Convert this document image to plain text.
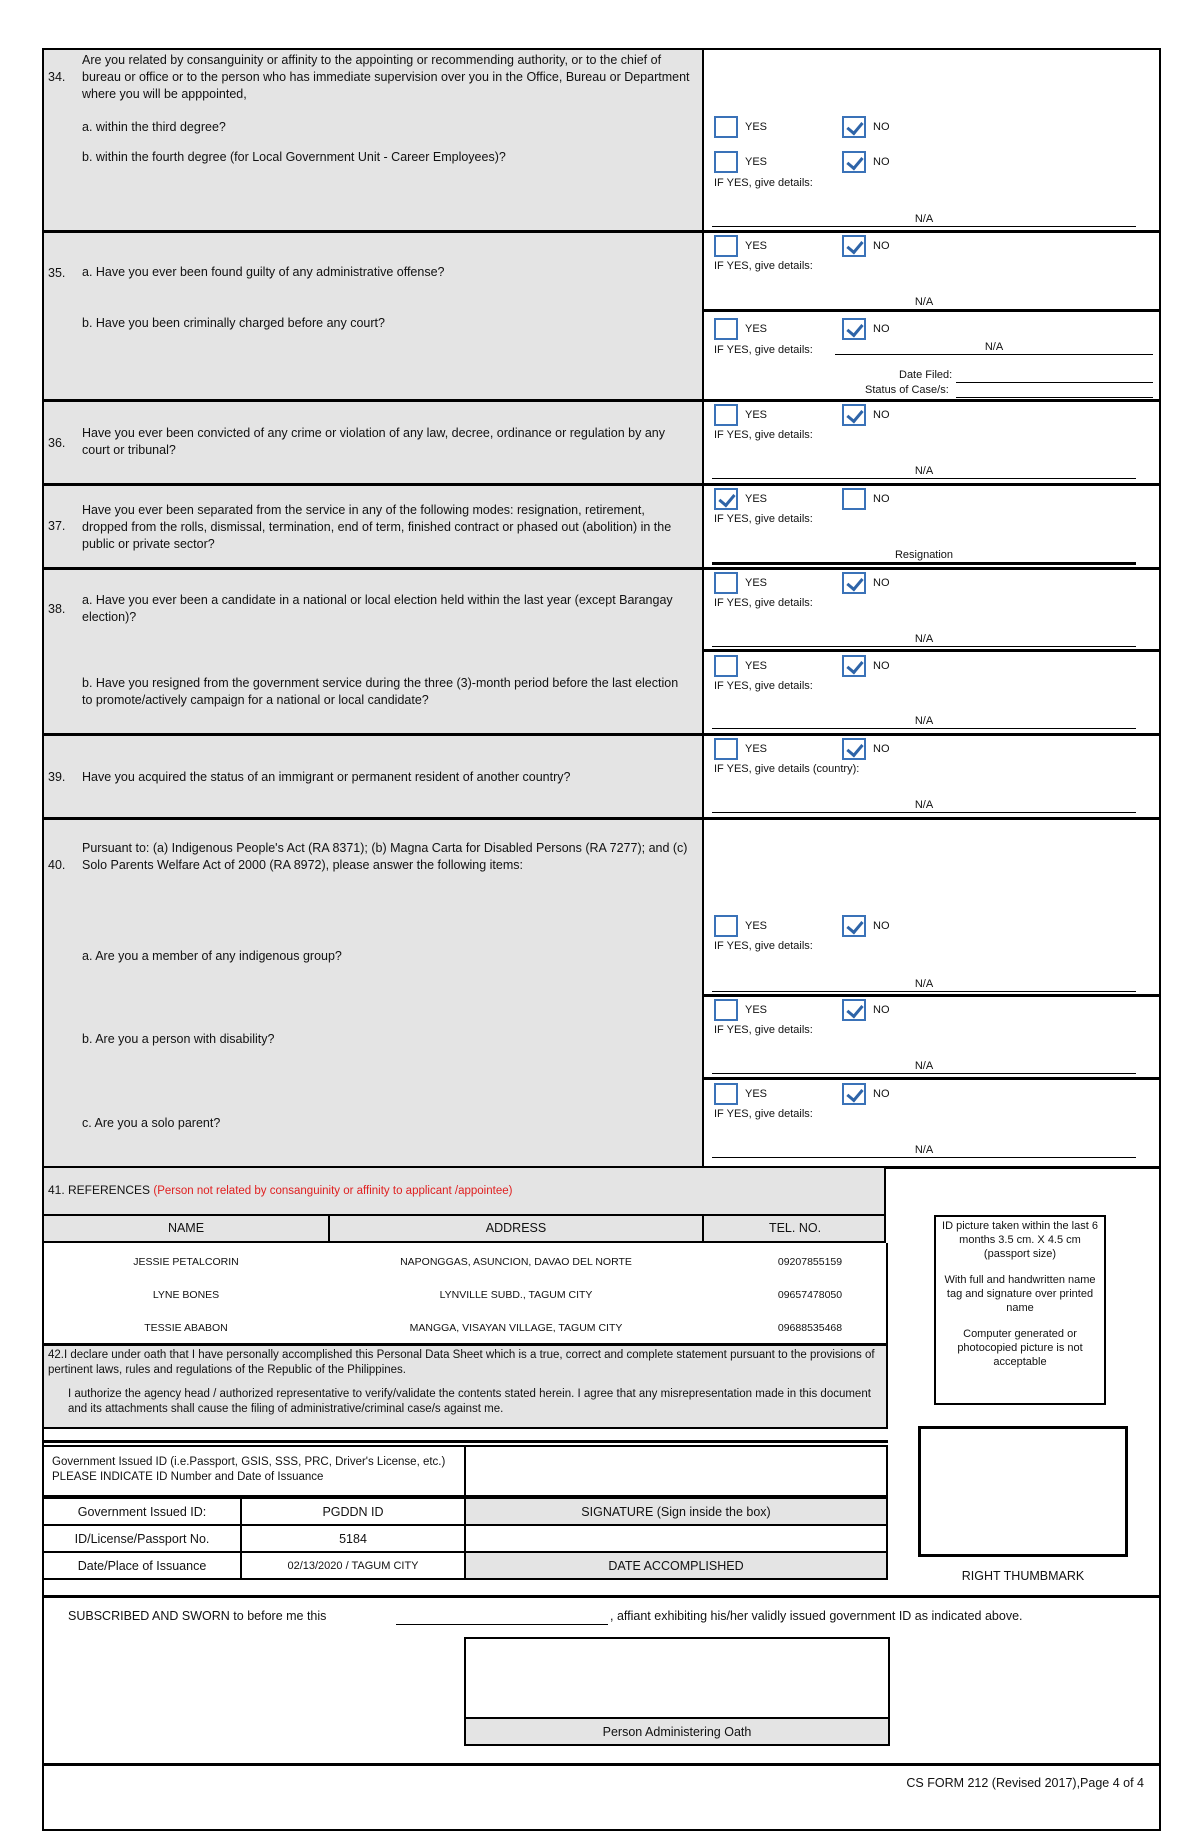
34.
Are you related by consanguinity or affinity to the appointing or recommending authority, or to the chief of bureau or office or to the person who has immediate supervision over you in the Office, Bureau or Department where you will be apppointed,
a. within the third degree?
b. within the fourth degree (for Local Government Unit - Career Employees)?
YES	NO
YES	NO
IF YES, give details:
N/A
35. a. Have you ever been found guilty of any administrative offense?
b. Have you been criminally charged before any court?
YES	NO
IF YES, give details:
N/A
YES	NO
IF YES, give details:	N/A
Date Filed:
Status of Case/s:
36.
Have you ever been convicted of any crime or violation of any law, decree, ordinance or regulation by any court or tribunal?
YES	NO
IF YES, give details:
N/A
37.
Have you ever been separated from the service in any of the following modes: resignation, retirement, dropped from the rolls, dismissal, termination, end of term, finished contract or phased out (abolition) in the public or private sector?
YES	NO
IF YES, give details:
Resignation
38.
a. Have you ever been a candidate in a national or local election held within the last year (except Barangay election)?
b. Have you resigned from the government service during the three (3)-month period before the last election to promote/actively campaign for a national or local candidate?
YES	NO
IF YES, give details:
N/A
YES	NO
IF YES, give details:
N/A
39. Have you acquired the status of an immigrant or permanent resident of another country?
YES	NO
IF YES, give details (country):
N/A
40.
Pursuant to: (a) Indigenous People's Act (RA 8371); (b) Magna Carta for Disabled Persons (RA 7277); and (c) Solo Parents Welfare Act of 2000 (RA 8972), please answer the following items:
a. Are you a member of any indigenous group?
b. Are you a person with disability?
c. Are you a solo parent?
YES	NO
IF YES, give details:
N/A
YES	NO
IF YES, give details:
N/A
YES	NO
IF YES, give details:
N/A
41. REFERENCES (Person not related by consanguinity or affinity to applicant /appointee)
NAME	ADDRESS	TEL. NO.
JESSIE PETALCORIN	NAPONGGAS, ASUNCION, DAVAO DEL NORTE	09207855159
LYNE BONES	LYNVILLE SUBD., TAGUM CITY	09657478050
TESSIE ABABON	MANGGA, VISAYAN VILLAGE, TAGUM CITY	09688535468
ID picture taken within the last 6 months 3.5 cm. X 4.5 cm (passport size)
With full and handwritten name tag and signature over printed name
Computer generated or photocopied picture is not acceptable
42.I declare under oath that I have personally accomplished this Personal Data Sheet which is a true, correct and complete statement pursuant to the provisions of pertinent laws, rules and regulations of the Republic of the Philippines.
I authorize the agency head / authorized representative to verify/validate the contents stated herein. I agree that any misrepresentation made in this document and its attachments shall cause the filing of administrative/criminal case/s against me.
Government Issued ID (i.e.Passport, GSIS, SSS, PRC, Driver's License, etc.) PLEASE INDICATE ID Number and Date of Issuance
Government Issued ID:	PGDDN ID	SIGNATURE (Sign inside the box)
ID/License/Passport No.	5184
Date/Place of Issuance	02/13/2020 / TAGUM CITY	DATE ACCOMPLISHED
RIGHT THUMBMARK
SUBSCRIBED AND SWORN to before me this	, affiant exhibiting his/her validly issued government ID as indicated above.
Person Administering Oath
CS FORM 212 (Revised 2017),Page 4 of 4
